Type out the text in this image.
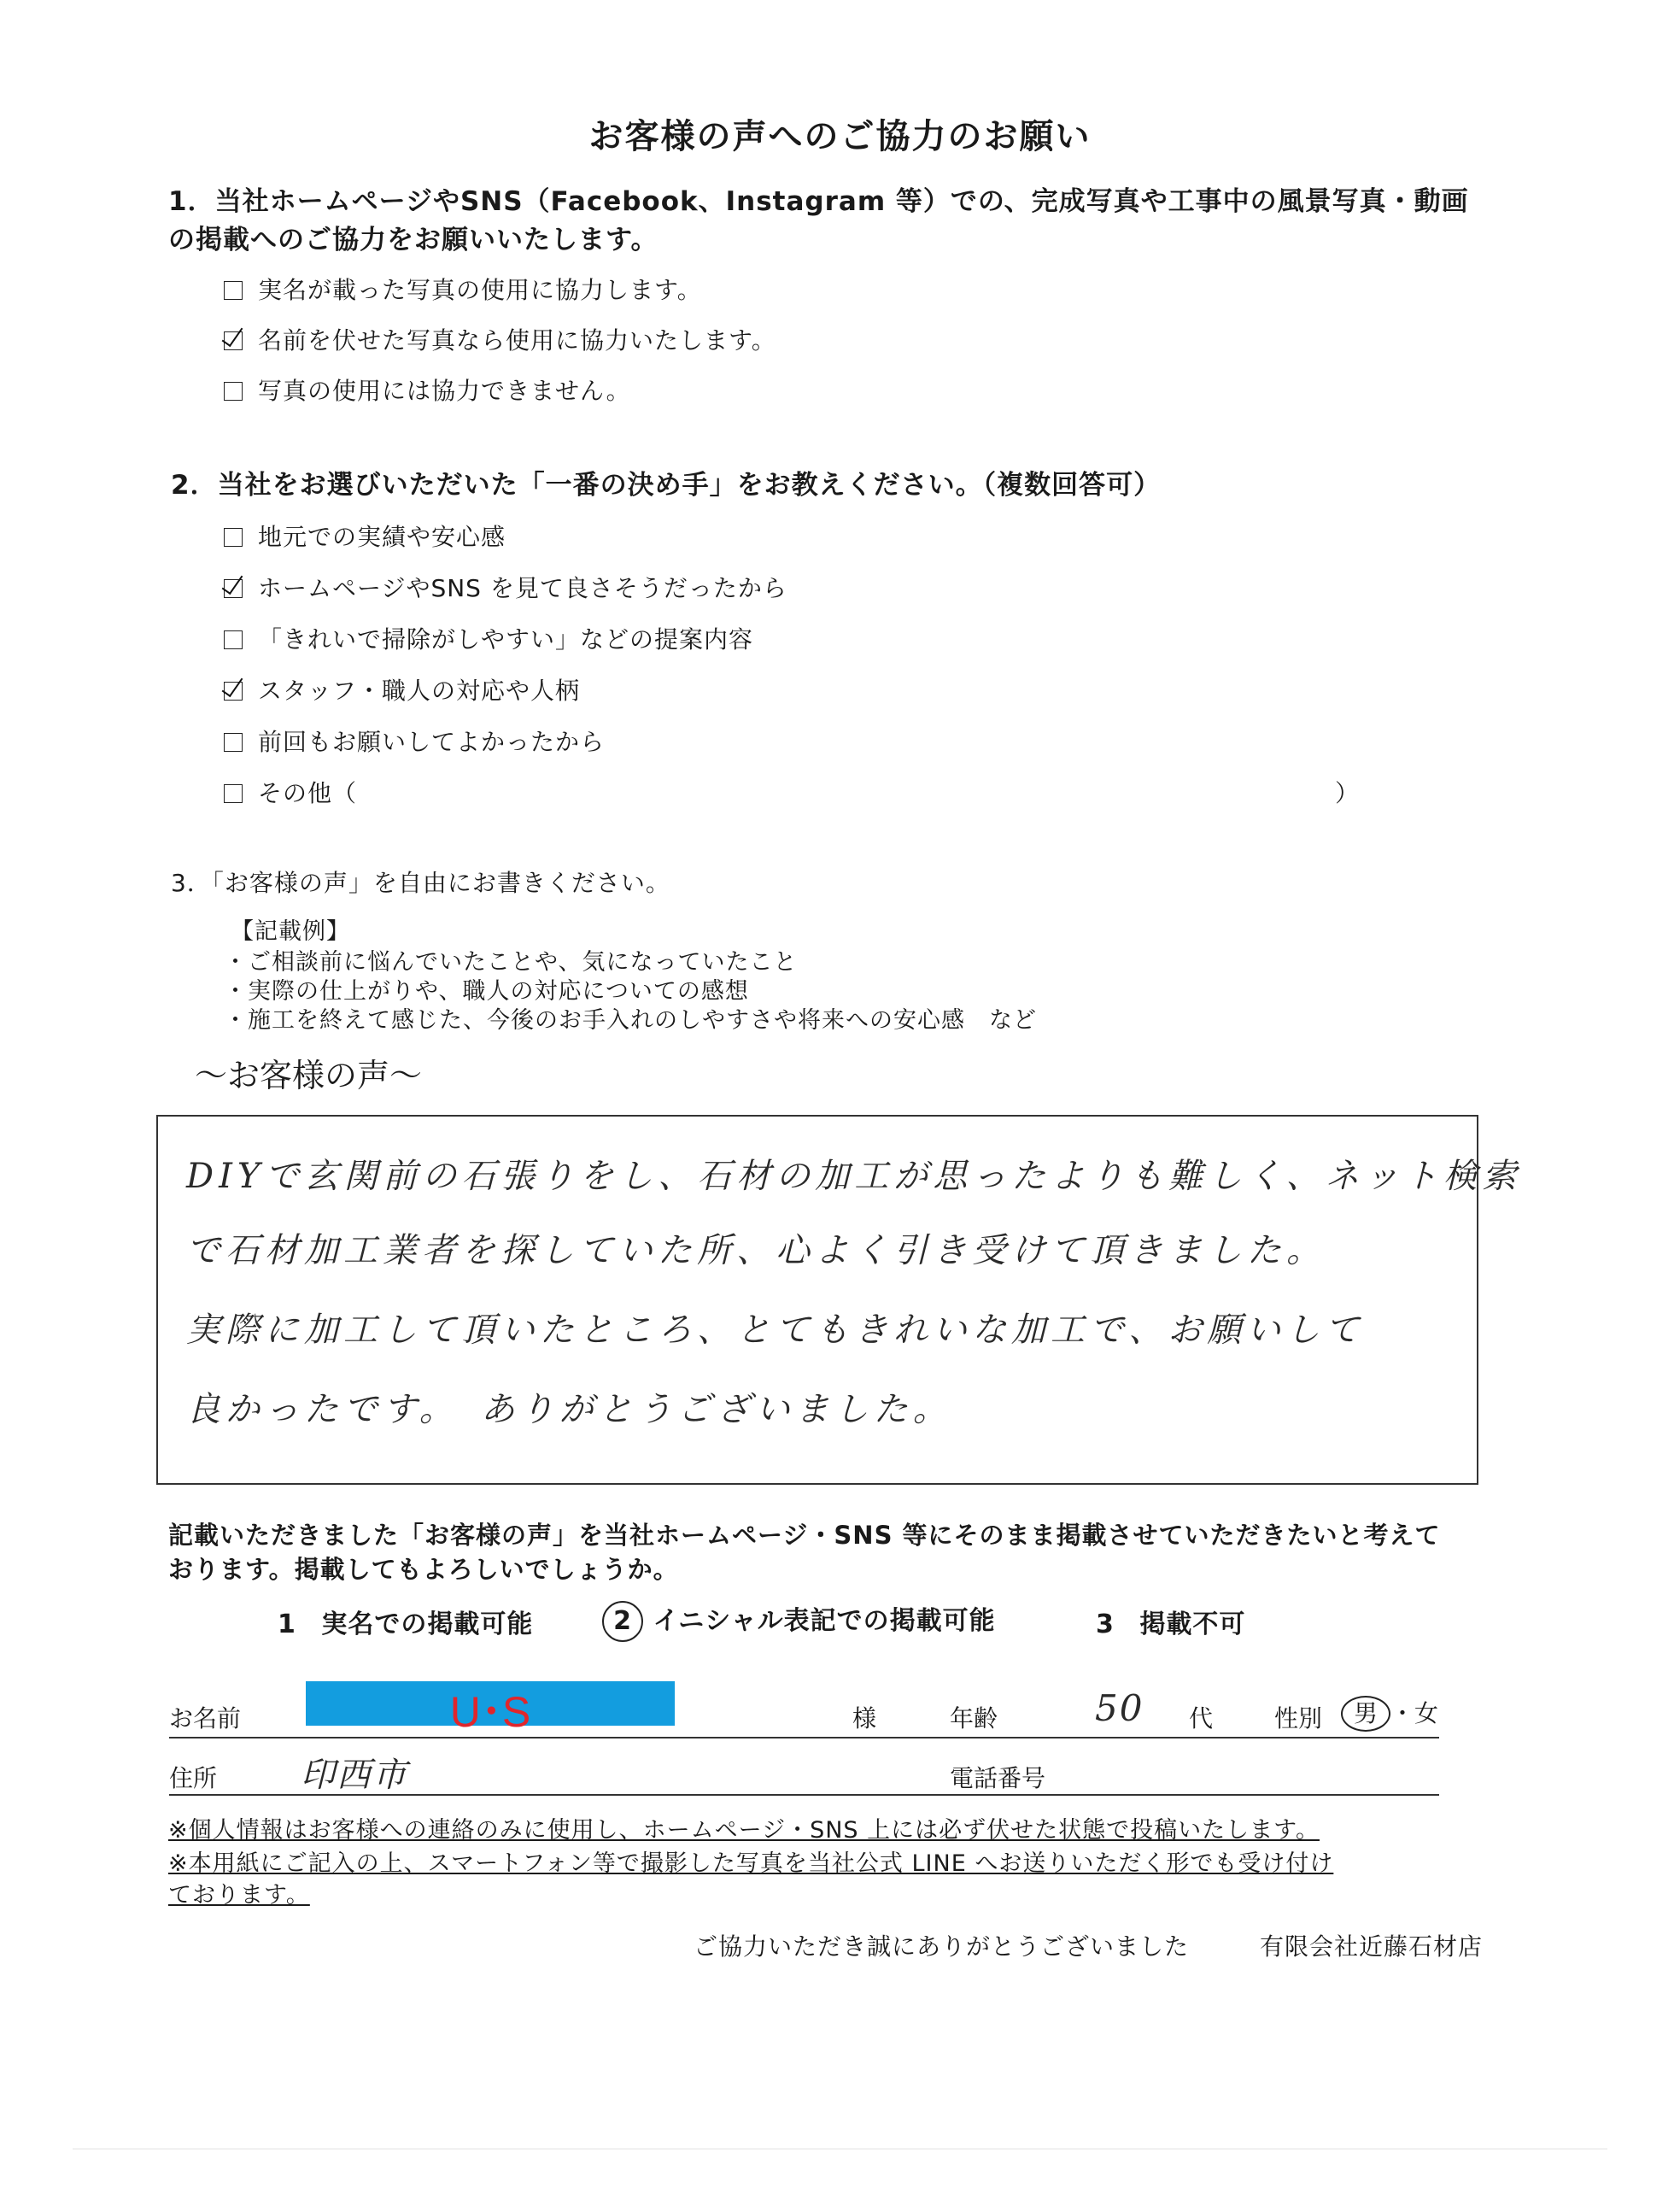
お客様の声へのご協力のお願い
1．当社ホームページやSNS（Facebook、Instagram 等）での、完成写真や工事中の風景写真・動画
の掲載へのご協力をお願いいたします。
実名が載った写真の使用に協力します。
名前を伏せた写真なら使用に協力いたします。
写真の使用には協力できません。
2．当社をお選びいただいた「一番の決め手」をお教えください。（複数回答可）
地元での実績や安心感
ホームページやSNS を見て良さそうだったから
「きれいで掃除がしやすい」などの提案内容
スタッフ・職人の対応や人柄
前回もお願いしてよかったから
その他（	）
3．「お客様の声」を自由にお書きください。
【記載例】
・ご相談前に悩んでいたことや、気になっていたこと
・実際の仕上がりや、職人の対応についての感想
・施工を終えて感じた、今後のお手入れのしやすさや将来への安心感　など
～お客様の声～
DIYで玄関前の石張りをし、石材の加工が思ったよりも難しく、ネット検索
で石材加工業者を探していた所、心よく引き受けて頂きました。
実際に加工して頂いたところ、とてもきれいな加工で、お願いして
良かったです。　ありがとうございました。
記載いただきました「お客様の声」を当社ホームページ・SNS 等にそのまま掲載させていただきたいと考えて
おります。掲載してもよろしいでしょうか。
1 実名での掲載可能	2 イニシャル表記での掲載可能	3 掲載不可
お名前	U･S	様	年齢	50 代	性別	男 ・女
住所 印西市	電話番号
※個人情報はお客様への連絡のみに使用し、ホームページ・SNS 上には必ず伏せた状態で投稿いたします。
※本用紙にご記入の上、スマートフォン等で撮影した写真を当社公式 LINE へお送りいただく形でも受け付け
ております。
ご協力いただき誠にありがとうございました	有限会社近藤石材店
